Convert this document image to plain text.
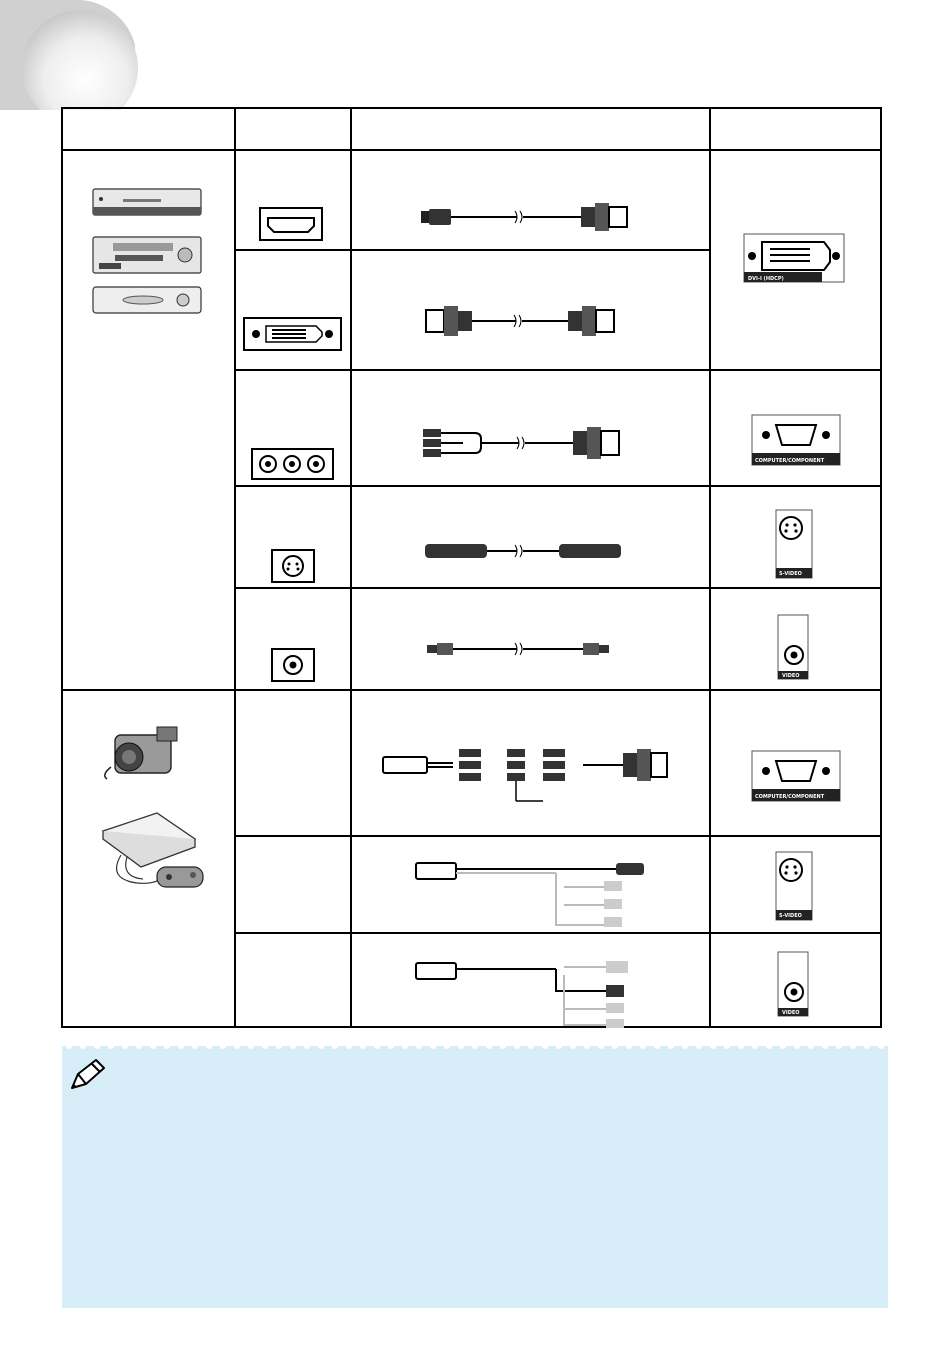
DVI-I (HDCP)
COMPUTER/COMPONENT
S-VIDEO
VIDEO
COMPUTER/COMPONENT
S-VIDEO
VIDEO
